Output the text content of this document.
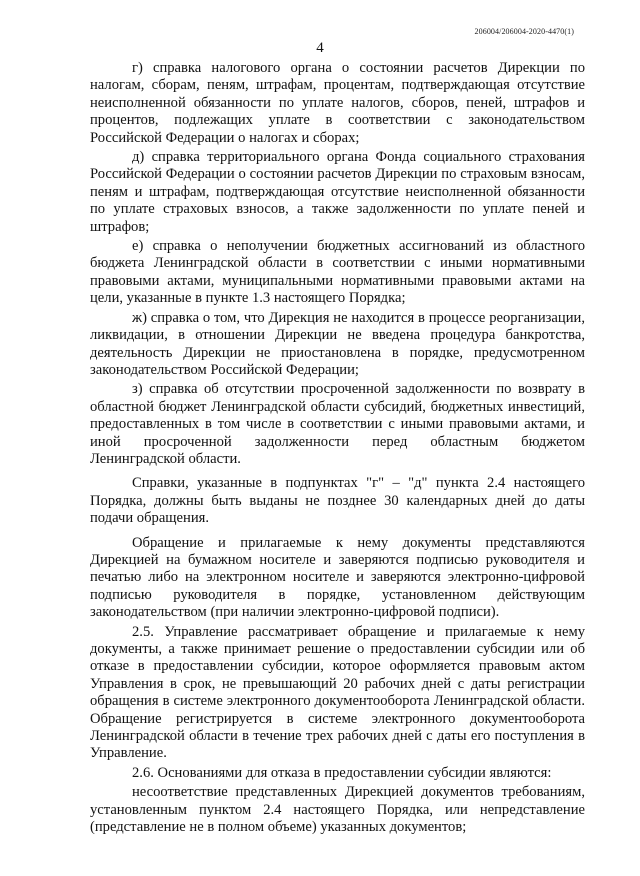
206004/206004-2020-4470(1)
4

г) справка налогового органа о состоянии расчетов Дирекции по налогам, сборам, пеням, штрафам, процентам, подтверждающая отсутствие неисполненной обязанности по уплате налогов, сборов, пеней, штрафов и процентов, подлежащих уплате в соответствии с законодательством Российской Федерации о налогах и сборах;

д) справка территориального органа Фонда социального страхования Российской Федерации о состоянии расчетов Дирекции по страховым взносам, пеням и штрафам, подтверждающая отсутствие неисполненной обязанности по уплате страховых взносов, а также задолженности по уплате пеней и штрафов;

е) справка о неполучении бюджетных ассигнований из областного бюджета Ленинградской области в соответствии с иными нормативными правовыми актами, муниципальными нормативными правовыми актами на цели, указанные в пункте 1.3 настоящего Порядка;

ж) справка о том, что Дирекция не находится в процессе реорганизации, ликвидации, в отношении Дирекции не введена процедура банкротства, деятельность Дирекции не приостановлена в порядке, предусмотренном законодательством Российской Федерации;

з) справка об отсутствии просроченной задолженности по возврату в областной бюджет Ленинградской области субсидий, бюджетных инвестиций, предоставленных в том числе в соответствии с иными правовыми актами, и иной просроченной задолженности перед областным бюджетом Ленинградской области.

Справки, указанные в подпунктах "г" – "д" пункта 2.4 настоящего Порядка, должны быть выданы не позднее 30 календарных дней до даты подачи обращения.

Обращение и прилагаемые к нему документы представляются Дирекцией на бумажном носителе и заверяются подписью руководителя и печатью либо на электронном носителе и заверяются электронно-цифровой подписью руководителя в порядке, установленном действующим законодательством (при наличии электронно-цифровой подписи).

2.5. Управление рассматривает обращение и прилагаемые к нему документы, а также принимает решение о предоставлении субсидии или об отказе в предоставлении субсидии, которое оформляется правовым актом Управления в срок, не превышающий 20 рабочих дней с даты регистрации обращения в системе электронного документооборота Ленинградской области. Обращение регистрируется в системе электронного документооборота Ленинградской области в течение трех рабочих дней с даты его поступления в Управление.

2.6. Основаниями для отказа в предоставлении субсидии являются:

несоответствие представленных Дирекцией документов требованиям, установленным пунктом 2.4 настоящего Порядка, или непредставление (представление не в полном объеме) указанных документов;
